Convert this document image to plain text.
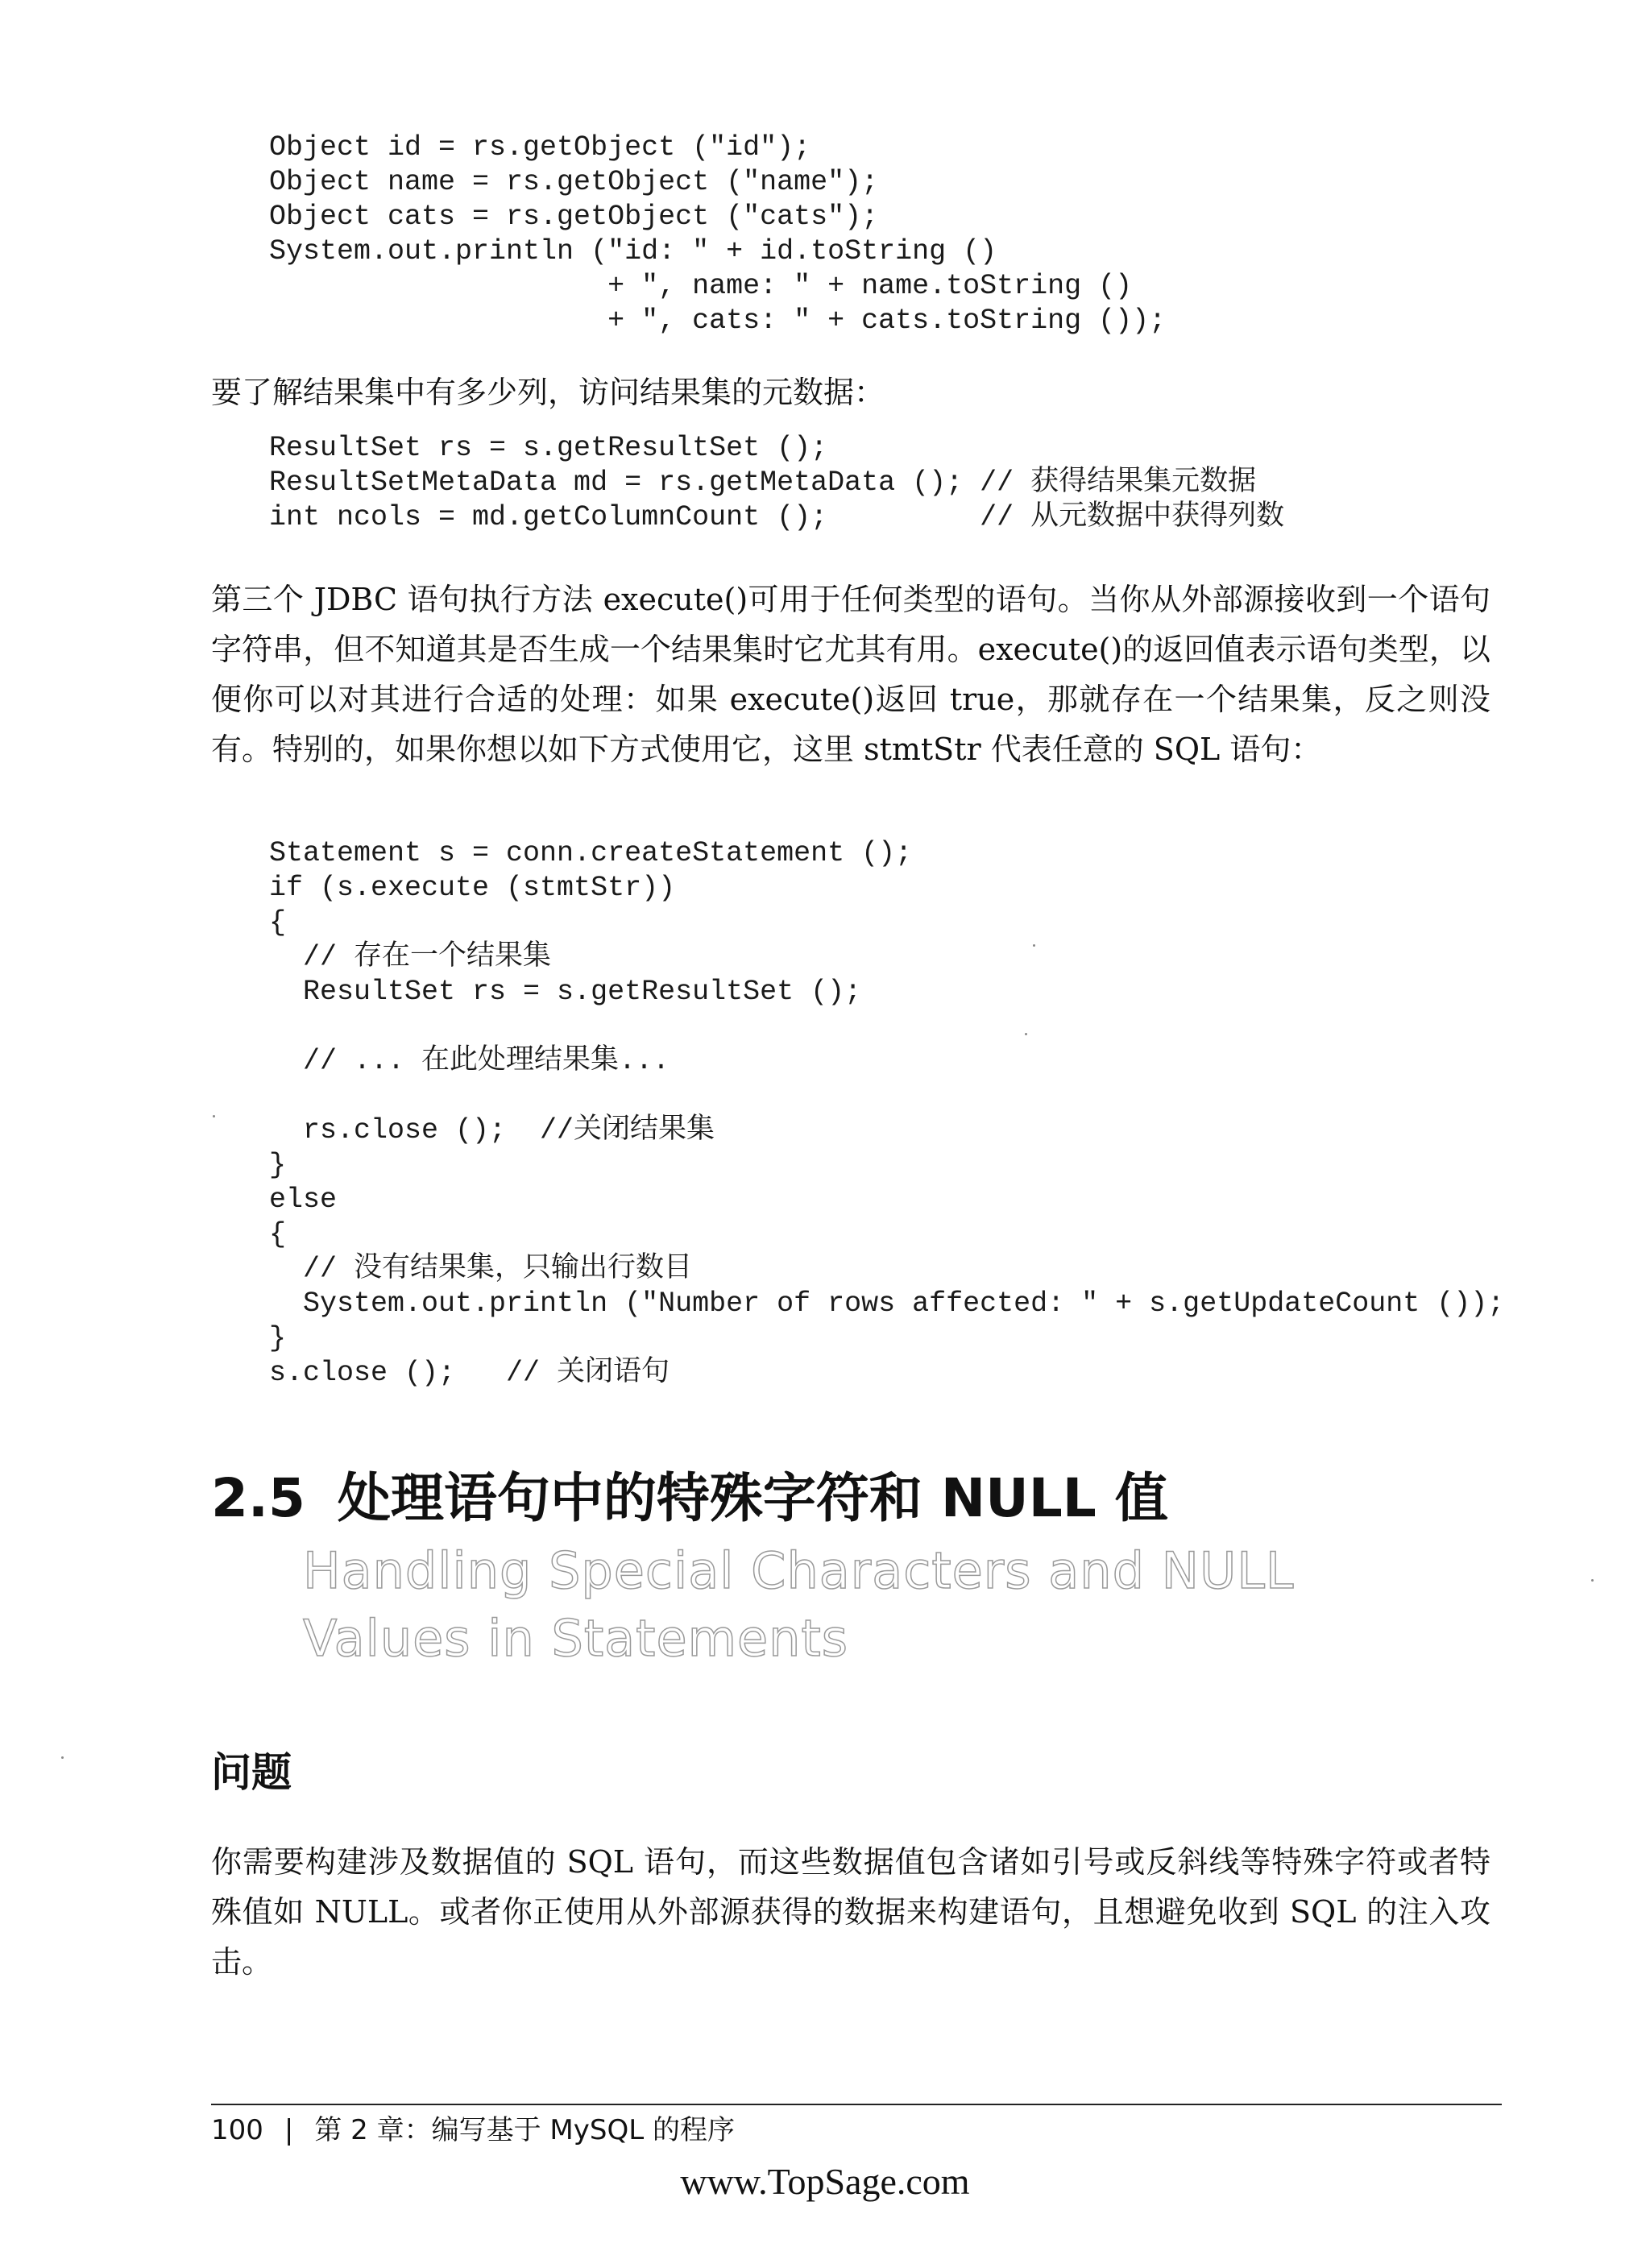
Object id = rs.getObject ("id");
Object name = rs.getObject ("name");
Object cats = rs.getObject ("cats");
System.out.println ("id: " + id.toString ()
+ ", name: " + name.toString ()
+ ", cats: " + cats.toString ());

要了解结果集中有多少列，访问结果集的元数据：

ResultSet rs = s.getResultSet ();
ResultSetMetaData md = rs.getMetaData (); // 获得结果集元数据
int ncols = md.getColumnCount ();         // 从元数据中获得列数

第三个 JDBC 语句执行方法 execute()可用于任何类型的语句。当你从外部源接收到一个语句字符串，但不知道其是否生成一个结果集时它尤其有用。execute()的返回值表示语句类型，以便你可以对其进行合适的处理：如果 execute()返回 true，那就存在一个结果集，反之则没有。特别的，如果你想以如下方式使用它，这里 stmtStr 代表任意的 SQL 语句：

Statement s = conn.createStatement ();
if (s.execute (stmtStr))
{
// 存在一个结果集
ResultSet rs = s.getResultSet ();

// ... 在此处理结果集...

rs.close ();  //关闭结果集
}
else
{
// 没有结果集，只输出行数目
System.out.println ("Number of rows affected: " + s.getUpdateCount ());
}
s.close ();   // 关闭语句
2.5 处理语句中的特殊字符和 NULL 值
Handling Special Characters and NULL Values in Statements
问题

你需要构建涉及数据值的 SQL 语句，而这些数据值包含诸如引号或反斜线等特殊字符或者特殊值如 NULL。或者你正使用从外部源获得的数据来构建语句，且想避免收到 SQL 的注入攻击。

100 | 第 2 章：编写基于 MySQL 的程序
www.TopSage.com
